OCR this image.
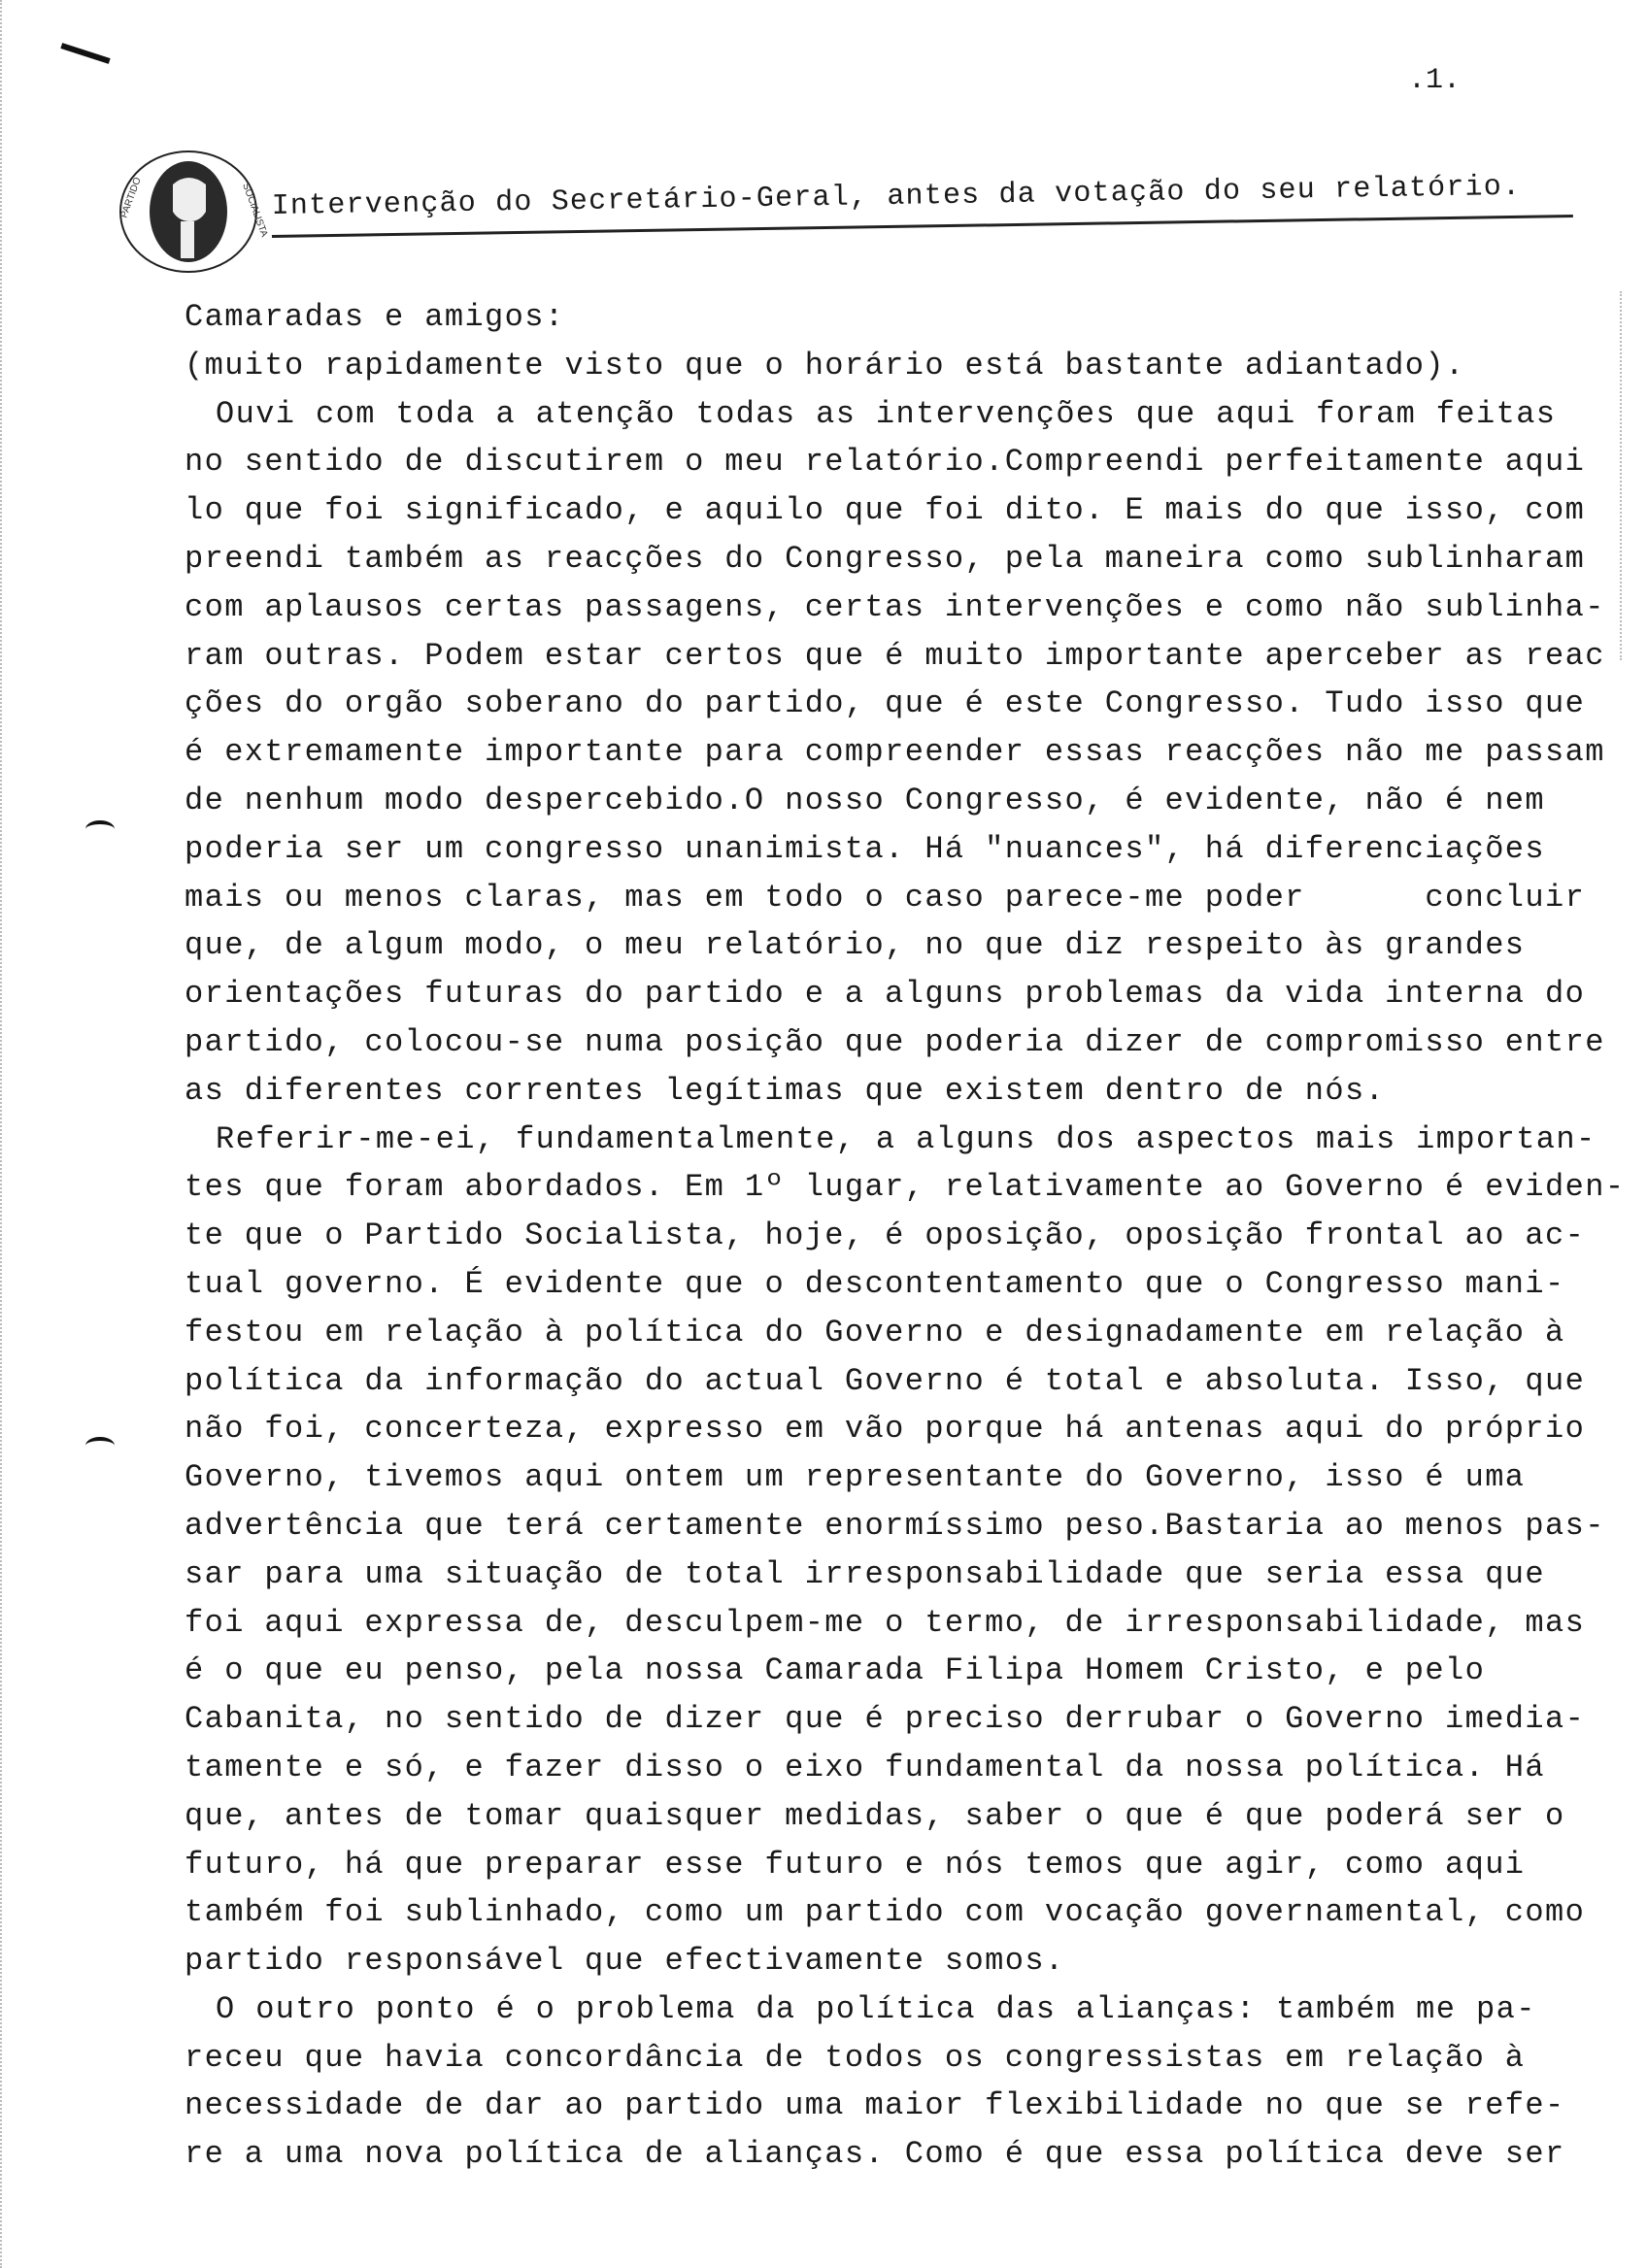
.1.
PARTIDO	SOCIALISTA Intervenção do Secretário-Geral, antes da votação do seu relatório.
Camaradas e amigos:
(muito rapidamente visto que o horário está bastante adiantado).
Ouvi com toda a atenção todas as intervenções que aqui foram feitas
no sentido de discutirem o meu relatório.Compreendi perfeitamente aqui
lo que foi significado, e aquilo que foi dito. E mais do que isso, com
preendi também as reacções do Congresso, pela maneira como sublinharam
com aplausos certas passagens, certas intervenções e como não sublinha-
ram outras. Podem estar certos que é muito importante aperceber as reac
ções do orgão soberano do partido, que é este Congresso. Tudo isso que
é extremamente importante para compreender essas reacções não me passam
de nenhum modo despercebido.O nosso Congresso, é evidente, não é nem
poderia ser um congresso unanimista. Há "nuances", há diferenciações
mais ou menos claras, mas em todo o caso parece-me poder      concluir
que, de algum modo, o meu relatório, no que diz respeito às grandes
orientações futuras do partido e a alguns problemas da vida interna do
partido, colocou-se numa posição que poderia dizer de compromisso entre
as diferentes correntes legítimas que existem dentro de nós.
Referir-me-ei, fundamentalmente, a alguns dos aspectos mais importan-
tes que foram abordados. Em 1º lugar, relativamente ao Governo é eviden-
te que o Partido Socialista, hoje, é oposição, oposição frontal ao ac-
tual governo. É evidente que o descontentamento que o Congresso mani-
festou em relação à política do Governo e designadamente em relação à
política da informação do actual Governo é total e absoluta. Isso, que
não foi, concerteza, expresso em vão porque há antenas aqui do próprio
Governo, tivemos aqui ontem um representante do Governo, isso é uma
advertência que terá certamente enormíssimo peso.Bastaria ao menos pas-
sar para uma situação de total irresponsabilidade que seria essa que
foi aqui expressa de, desculpem-me o termo, de irresponsabilidade, mas
é o que eu penso, pela nossa Camarada Filipa Homem Cristo, e pelo
Cabanita, no sentido de dizer que é preciso derrubar o Governo imedia-
tamente e só, e fazer disso o eixo fundamental da nossa política. Há
que, antes de tomar quaisquer medidas, saber o que é que poderá ser o
futuro, há que preparar esse futuro e nós temos que agir, como aqui
também foi sublinhado, como um partido com vocação governamental, como
partido responsável que efectivamente somos.
O outro ponto é o problema da política das alianças: também me pa-
receu que havia concordância de todos os congressistas em relação à
necessidade de dar ao partido uma maior flexibilidade no que se refe-
re a uma nova política de alianças. Como é que essa política deve ser
